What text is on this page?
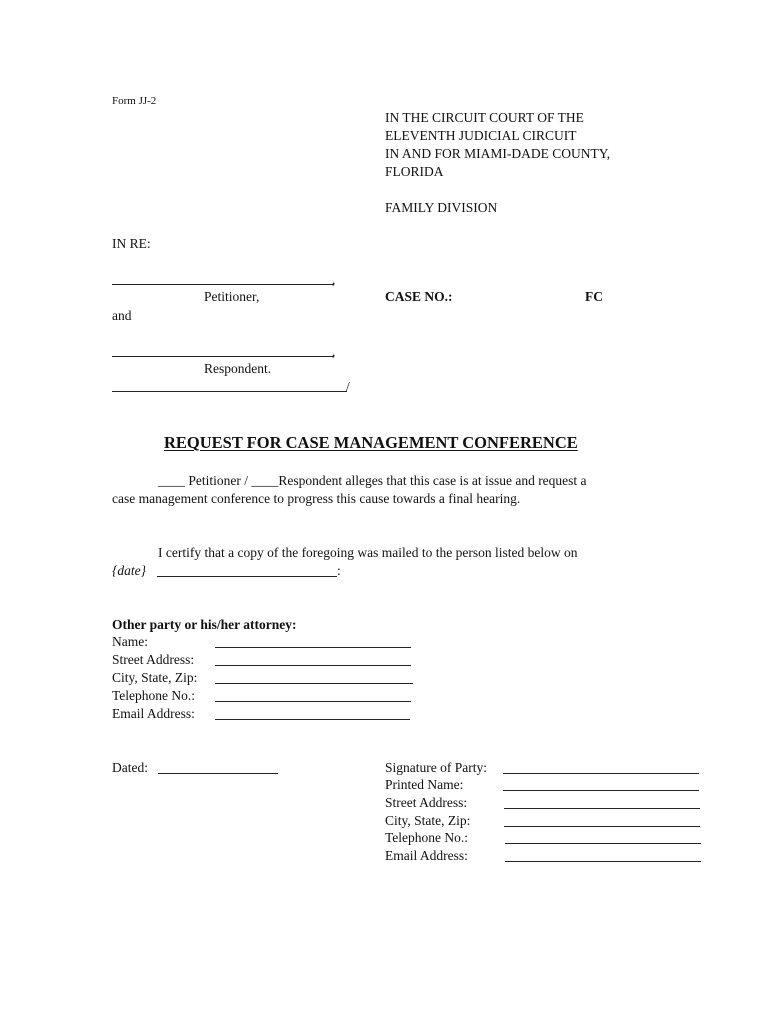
Form JJ-2
IN THE CIRCUIT COURT OF THE
ELEVENTH JUDICIAL CIRCUIT
IN AND FOR MIAMI-DADE COUNTY,
FLORIDA
FAMILY DIVISION
IN RE:
,
Petitioner,
and
,
Respondent.
/
CASE NO.:	FC
REQUEST FOR CASE MANAGEMENT CONFERENCE
____ Petitioner / ____Respondent alleges that this case is at issue and request a
case management conference to progress this cause towards a final hearing.
I certify that a copy of the foregoing was mailed to the person listed below on
{date}	:
Other party or his/her attorney:
Name:
Street Address:
City, State, Zip:
Telephone No.:
Email Address:
Dated:	Signature of Party:
Printed Name:
Street Address:
City, State, Zip:
Telephone No.:
Email Address:
